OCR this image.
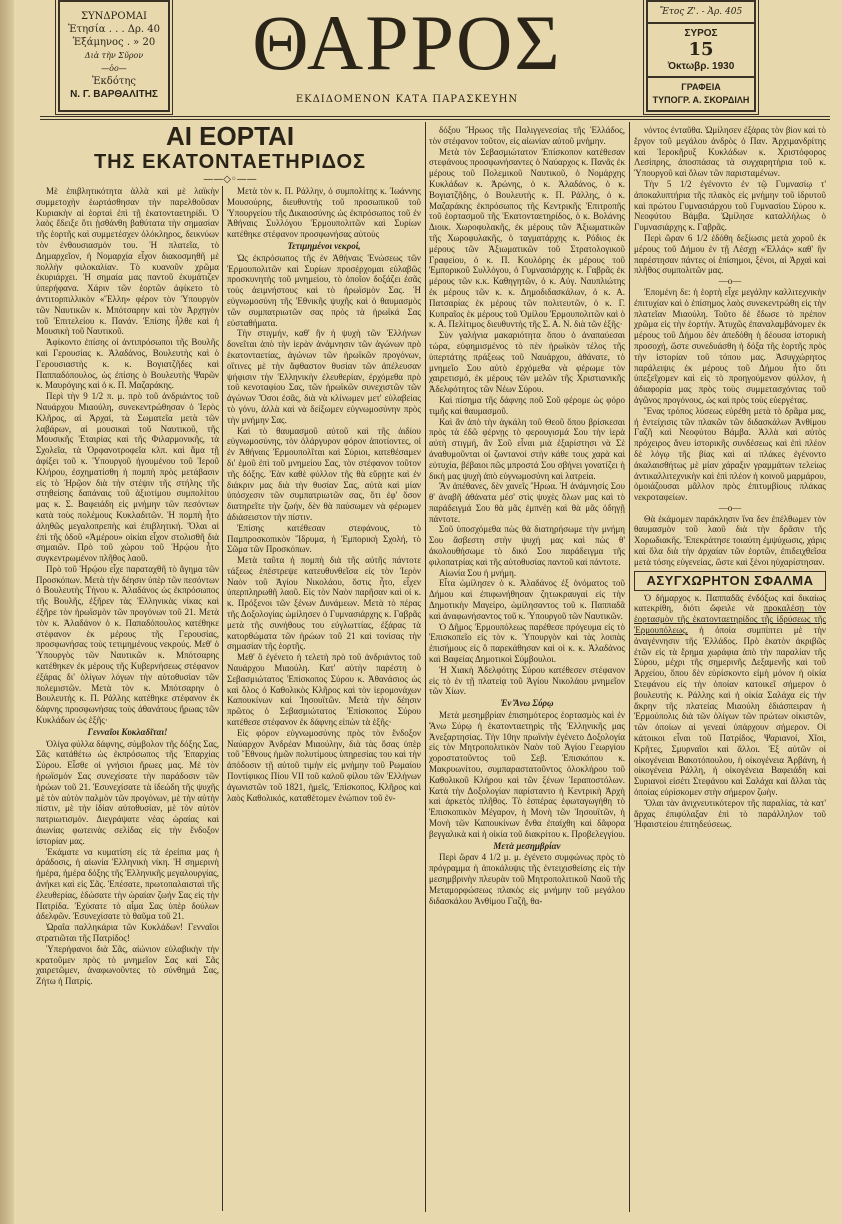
ΣΥΝΔΡΟΜΑΙ
Ἐτησία . . . Δρ. 40
Ἑξάμηνος . » 20
Διὰ τὴν Σῦρον
—ὁο—
Ἐκδότης
Ν. Γ. ΒΑΡΘΑΛΙΤΗΣ
ΘΑΡΡΟΣ
ΕΚΔΙΔΟΜΕΝΟΝ ΚΑΤΑ ΠΑΡΑΣΚΕΥΗΝ
Ἔτος Ζ'. - Ἀρ. 405
ΣΥΡΟΣ
15
Ὀκτωβρ. 1930
ΓΡΑΦΕΙΑ
ΤΥΠΟΓΡ. Α. ΣΚΟΡΔΙΛΗ
ΑΙ ΕΟΡΤΑΙ
ΤΗΣ ΕΚΑΤΟΝΤΑΕΤΗΡΙΔΟΣ
——◇◦——

Μὲ ἐπιβλητικότητα ἀλλὰ καὶ μὲ λαϊκὴν συμμετοχὴν ἑωρτάσθησαν τὴν παρελθοῦσαν Κυριακὴν αἱ ἑορταὶ ἐπὶ τῇ ἑκατονταετηρίδι. Ὁ λαὸς ἔδειξε ὅτι ᾐσθάνθη βαθύτατα τὴν σημασίαν τῆς ἑορτῆς καὶ συμμετέσχεν ὁλόκληρος, δεικνύων τὸν ἐνθουσιασμόν του. Ἡ πλατεῖα, τὸ Δημαρχεῖον, ἡ Νομαρχία εἶχον διακοσμηθῆ μὲ πολλὴν φιλοκαλίαν. Τὸ κυανοῦν χρῶμα ἐκυριάρχει. Ἡ σημαία μας παντοῦ ἐκυμάτιζεν ὑπερήφανα. Χάριν τῶν ἑορτῶν ἀφίκετο τὸ ἀντιτορπιλλικὸν «Ἕλλη» φέρον τὸν Ὑπουργὸν τῶν Ναυτικῶν κ. Μπότσαρην καὶ τὸν Ἀρχηγὸν τοῦ Ἐπιτελείου κ. Πανάν. Ἐπίσης ἦλθε καὶ ἡ Μουσικὴ τοῦ Ναυτικοῦ.

Ἀφίκοντο ἐπίσης οἱ ἀντιπρόσωποι τῆς Βουλῆς καὶ Γερουσίας κ. Ἀλαδάνος, Βουλευτὴς καὶ ὁ Γερουσιαστὴς κ. κ. Βογιατζῆδες καὶ Παππαδόπουλος, ὡς ἐπίσης ὁ Βουλευτὴς Ψαρῶν κ. Μαυρόγιης καὶ ὁ κ. Π. Μαζαράκης.

Περὶ τὴν 9 1/2 π. μ. πρὸ τοῦ ἀνδριάντος τοῦ Ναυάρχου Μιαούλη, συνεκεντρώθησαν ὁ Ἱερὸς Κλῆρος, αἱ Ἀρχαί, τὰ Σωματεῖα μετὰ τῶν λαβάρων, αἱ μουσικαὶ τοῦ Ναυτικοῦ, τῆς Μουσικῆς Ἑταιρίας καὶ τῆς Φιλαρμονικῆς, τὰ Σχολεῖα, τὰ Ὀρφανοτροφεῖα κλπ. καὶ ἅμα τῇ ἀφίξει τοῦ κ. Ὑπουργοῦ ἡγουμένου τοῦ Ἱεροῦ Κλήρου, ἐσχηματίσθη ἡ πομπὴ πρὸς μετάβασιν εἰς τὸ Ἡρῷον διὰ τὴν στέψιν τῆς στήλης τῆς στηθείσης δαπάναις τοῦ ἀξιοτίμου συμπολίτου μας κ. Σ. Βαφειάδη εἰς μνήμην τῶν πεσόντων κατὰ τοὺς πολέμους Κυκλαδιτῶν. Ἡ πομπὴ ἦτο ἀληθῶς μεγαλοπρεπὴς καὶ ἐπιβλητική. Ὅλαι αἱ ἐπὶ τῆς ὁδοῦ «Ἀμέρου» οἰκίαι εἶχον στολισθῆ διὰ σημαιῶν. Πρὸ τοῦ χώρου τοῦ Ἡρῴου ἦτο συγκεντρωμένον πλῆθος λαοῦ.

Πρὸ τοῦ Ἡρῴου εἶχε παραταχθῆ τὸ ἄγημα τῶν Προσκόπων. Μετὰ τὴν δέησιν ὑπὲρ τῶν πεσόντων ὁ Βουλευτὴς Τήνου κ. Ἀλαδάνος ὡς ἐκπρόσωπος τῆς Βουλῆς, ἐξῆρεν τὰς Ἑλληνικὰς νίκας καὶ ἐξῆρε τὸν ἡρωϊσμὸν τῶν προγόνων τοῦ 21. Μετὰ τὸν κ. Ἀλαδάνον ὁ κ. Παπαδόπουλος κατέθηκε στέφανον ἐκ μέρους τῆς Γερουσίας, προσφωνήσας τοὺς τετιμημένους νεκρούς. Μεθ' ὁ Ὑπουργὸς τῶν Ναυτικῶν κ. Μπότσαρης κατέθηκεν ἐκ μέρους τῆς Κυβερνήσεως στέφανον ἐξάρας δι' ὀλίγων λόγων τὴν αὐτοθυσίαν τῶν πολεμιστῶν. Μετὰ τὸν κ. Μπότσαρην ὁ Βουλευτὴς κ. Π. Ράλλης κατέθηκε στέφανον ἐκ δάφνης προσφωνήσας τοὺς ἀθανάτους ἥρωας τῶν Κυκλάδων ὡς ἑξῆς·

Γενναῖοι Κυκλαδῖται!

Ὀλίγα φύλλα δάφνης, σύμβολον τῆς δόξης Σας, Σᾶς κατάθέτω ὡς ἐκπρόσωπος τῆς Ἐπαρχίας Σύρου. Εἶσθε οἱ γνήσιοι ἥρωες μας. Μὲ τὸν ἡρωϊσμόν Σας συνεχίσατε τὴν παράδοσιν τῶν ἡρώων τοῦ 21. Ἐσυνεχίσατε τὰ ἰδεώδη τῆς ψυχῆς μὲ τὸν αὐτὸν παλμὸν τῶν προγόνων, μὲ τὴν αὐτὴν πίστιν, μὲ τὴν ἰδίαν αὐτοθυσίαν, μὲ τὸν αὐτὸν πατριωτισμόν. Διεγράψατε νέας ὡραίας καὶ ἀιωνίας φωτεινὰς σελίδας εἰς τὴν ἔνδοξον ἱστορίαν μας.

Ἐκάματε να κυματίση εἰς τὰ ἐρείπια μας ἡ ἀράδοσις, ἡ αἰωνία Ἑλληνικὴ νίκη. Ἡ σημερινὴ ἡμέρα, ἡμέρα δόξης τῆς Ἑλληνικῆς μεγαλουργίας, ἀνήκει καὶ εἰς Σᾶς. Ἐπέσατε, πρωτοπαλαισταὶ τῆς ἐλευθερίας, ἐδώσατε τὴν ὡραίαν ζωήν Σας εἰς τὴν Πατρίδα. Ἐχύσατε τὸ αἷμα Σας ὑπὲρ δούλων ἀδελφῶν. Ἐσυνεχίσατε τὸ θαῦμα τοῦ 21.

Ὡραῖα παλληκάρια τῶν Κυκλάδων! Γενναῖοι στρατιῶται τῆς Πατρίδος!

Ὑπερήφανοι διὰ Σᾶς, αἰώνιον εὐλαβικὴν τὴν κρατοῦμεν πρὸς τὸ μνημεῖον Σας καὶ Σᾶς χαιρετῶμεν, ἀναφωνοῦντες τὸ σύνθημά Σας, Ζήτω ἡ Πατρίς.

Μετὰ τὸν κ. Π. Ράλλην, ὁ συμπολίτης κ. Ἰωάννης Μουσούρης, διευθυντὴς τοῦ προσωπικοῦ τοῦ Ὑπουργείου τῆς Δικαιοσύνης ὡς ἐκπρόσωπος τοῦ ἐν Ἀθήναις Συλλόγου Ἑρμουπολιτῶν καὶ Συρίων κατέθηκε στέφανον προσφωνήσας αὐτοὺς

Τετιμημένοι νεκροί,

Ὡς ἐκπρόσωπος τῆς ἐν Ἀθήναις Ἑνώσεως τῶν Ἑρμουπολιτῶν καὶ Συρίων προσέρχομαι εὐλαβῶς προσκυνητὴς τοῦ μνημείου, τὸ ὁποῖον δοξάζει ἐσᾶς τοὺς ἀειμνήστους καὶ τὸ ἡρωϊσμὸν Σας. Ἡ εὐγνωμοσύνη τῆς Ἐθνικῆς ψυχῆς καὶ ὁ θαυμασμὸς τῶν συμπατριωτῶν σας πρὸς τὰ ἡρωϊκά Σας εὐσταθήματα.

Τὴν στιγμήν, καθ' ἣν ἡ ψυχὴ τῶν Ἑλλήνων δονεῖται ἀπὸ τὴν ἱερὰν ἀνάμνησιν τῶν ἀγώνων πρὸ ἑκατονταετίας, ἀγώνων τῶν ἡρωϊκῶν προγόνων, οἵτινες μὲ τὴν ἄφθαστον θυσίαν τῶν ἀπέλευσαν ψήφισιν τὴν Ἑλληνικὴν ἐλευθερίαν, ἐρχόμεθα πρὸ τοῦ κενοταφίου Σας, τῶν ἡρωϊκῶν συνεχιστῶν τῶν ἀγώνων Ὅσοι ἐσᾶς, διὰ νὰ κλίνωμεν μετ' εὐλαβείας τὸ γόνυ, ἀλλὰ καὶ νὰ δείξωμεν εὐγνωμοσύνην πρὸς τὴν μνήμην Σας.

Καὶ τὸ θαυμασμοῦ αὐτοῦ καὶ τῆς ἀιδίου εὐγνωμοσύνης, τὸν ὁλάργυρον φόρον ἀποτίοντες, οἱ ἐν Ἀθήναις Ἑρμουπολῖται καὶ Σύριοι, κατεθέσαμεν δι' ἐμοῦ ἐπὶ τοῦ μνημείου Σας, τὸν στέφανον τοῦτον τῆς δόξης. Ἐὰν καθὲ φύλλον τῆς θὰ εὕρῃτε καὶ ἐν διάκριν μας διὰ τὴν θυσίαν Σας, αὐτὰ καὶ μίαν ὑπόσχεσιν τῶν συμπατριωτῶν σας, ὅτι ἐφ' ὅσον διατηρεῖτε τὴν ζωήν, δὲν θὰ παύσωμεν νὰ φέρωμεν ἀδιάσειστον τὴν πίστιν.

Ἐπίσης κατέθεσαν στεφάνους, τὸ Παμπροσκοπικὸν Ἵδρυμα, ἡ Ἐμπορικὴ Σχολή, τὸ Σῶμα τῶν Προσκόπων.

Μετὰ ταῦτα ἡ πομπὴ διὰ τῆς αὐτῆς πάντοτε τάξεως ἐπέστρεψε κατευθυνθεῖσα εἰς τὸν Ἱερὸν Ναὸν τοῦ Ἁγίου Νικολάου, ὅστις ἦτο, εἶχεν ὑπερπληρωθῆ λαοῦ. Εἰς τὸν Ναὸν παρῆσαν καὶ οἱ κ. κ. Πρόξενοι τῶν ξένων Δυνάμεων. Μετὰ τὸ πέρας τῆς Δοξολογίας ὡμίλησεν ὁ Γυμνασιάρχης κ. Γαβρᾶς μετὰ τῆς συνήθους του εὐγλωττίας, ἐξάρας τὰ κατορθώματα τῶν ἡρώων τοῦ 21 καὶ τονίσας τὴν σημασίαν τῆς ἑορτῆς.

Μεθ' ὃ ἐγένετο ἡ τελετὴ πρὸ τοῦ ἀνδριάντος τοῦ Ναυάρχου Μιαούλη. Κατ' αὐτὴν παρέστη ὁ Σεβασμιώτατος Ἐπίσκοπος Σύρου κ. Ἀθανάσιος ὡς καὶ ὅλος ὁ Καθολικὸς Κλῆρος καὶ τὸν ἱερομονάχων Καπουκίνων καὶ Ἰησουϊτῶν. Μετὰ τὴν δέησιν πρῶτος ὁ Σεβασμιώτατος Ἐπίσκοπος Σύρου κατέθεσε στέφανον ἐκ δάφνης εἰπὼν τὰ ἑξῆς·

Εἰς φόρον εὐγνωμοσύνης πρὸς τὸν ἔνδοξον Ναύαρχον Ἀνδρέαν Μιαούλην, διὰ τὰς ὅσας ὑπὲρ τοῦ Ἔθνους ἡμῶν πολυτίμους ὑπηρεσίας του καὶ τὴν ἀπόδοσιν τῇ αὐτοῦ τιμὴν εἰς μνήμην τοῦ Ρωμαίου Ποντίφικος Πίου VII τοῦ καλοῦ φίλου τῶν Ἑλλήνων ἀγωνιστῶν τοῦ 1821, ἡμεῖς, Ἐπίσκοπος, Κλῆρος καὶ λαὸς Καθολικός, καταθέτομεν ἐνώπιον τοῦ ἐν-

δόξου Ἥρωος τῆς Παλιγγενεσίας τῆς Ἑλλάδος, τὸν στέφανον τοῦτον, εἰς αἰωνίαν αὐτοῦ μνήμην.

Μετὰ τὸν Σεβασμιώτατον Ἐπίσκοπον κατέθεσαν στεφάνους προσφωνήσαντες ὁ Ναύαρχος κ. Πανᾶς ἐκ μέρους τοῦ Πολεμικοῦ Ναυτικοῦ, ὁ Νομάρχης Κυκλάδων κ. Ἀρώνης, ὁ κ. Ἀλαδάνος, ὁ κ. Βογιατζῆδης, ὁ Βουλευτὴς κ. Π. Ράλλης, ὁ κ. Μαζαράκης ἐκπρόσωπος τῆς Κεντρικῆς Ἐπιτροπῆς τοῦ ἑορτασμοῦ τῆς Ἑκατονταετηρίδος, ὁ κ. Βολάνης Διοικ. Χωροφυλακῆς, ἐκ μέρους τῶν Ἀξιωματικῶν τῆς Χωροφυλακῆς, ὁ ταγματάρχης κ. Ρόδιος ἐκ μέρους τῶν Ἀξιωματικῶν τοῦ Στρατολογικοῦ Γραφείου, ὁ κ. Π. Κουλόρης ἐκ μέρους τοῦ Ἐμπορικοῦ Συλλόγου, ὁ Γυμνασιάρχης κ. Γαβρᾶς ἐκ μέρους τῶν κ.κ. Καθηγητῶν, ὁ κ. Αὐγ. Ναυπλιώτης ἐκ μέρους τῶν κ. κ. Δημοδιδασκάλων, ὁ κ. Α. Πατσαρίας ἐκ μέρους τῶν πολιτευτῶν, ὁ κ. Γ. Κυπραῖος ἐκ μέρους τοῦ Ὁμίλου Ἑρμουπολιτῶν καὶ ὁ κ. Α. Πελίτιμος διευθυντὴς τῆς Σ. Α. Ν. διὰ τῶν ἑξῆς·

Σὺν γαλήνια μακαριότητα ὅπου ὁ ἀναπαύεσαι τώρα, εὐφημισμένος τὸ πὲν ἡρωϊκὸν τέλος τῆς ὑπερτάτης πράξεως τοῦ Ναυάρχου, ἀθάνατε, τὸ μνημεῖο Σου αὐτὸ ἐρχόμεθα νὰ φέρωμε τὸν χαιρετισμό, ἐκ μέρους τῶν μελῶν τῆς Χριστιανικῆς Ἀδελφότητος τῶν Νέων Σύρου.

Καὶ πίσημα τῆς δάφνης ποῦ Σοῦ φέρομε ὡς φόρο τιμῆς καὶ θαυμασμοῦ.

Καὶ ἂν ἀπὸ τὴν ἀγκάλη τοῦ Θεοῦ ὅπου βρίσκεσαι πρὸς τὰ ἐδῶ φέρνῃς τὸ φερουγισμά Σου τὴν ἱερὰ αὐτὴ στιγμή, ἂν Σοῦ εἶναι μιὰ ἐξαρίστησι νὰ Σὲ ἀναθυμοῦνται οἱ ζωντανοί στὴν κάθε τους χαρὰ καὶ εὐτυχία, βέβαιοι πῶς μπροστά Σου σβήνει γονατίζει ἡ δική μας ψυχὴ ἀπὸ εὐγνωμοσύνη καὶ λατρεία.

Ἂν ἀπέθανες, δὲν χανεῖς Ἥρωα. Ἡ ἀνάμνησίς Σου θ' ἀναβῆ ἀθάνατα μέσ' στὶς ψυχὲς ὅλων μας καὶ τὸ παράδειγμά Σου θὰ μᾶς ἐμπνέῃ καὶ θὰ μᾶς ὁδηγῇ πάντοτε.

Σοῦ ὑποσχόμεθα πὼς θὰ διατηρήσωμε τὴν μνήμη Σου ἄσβεστη στὴν ψυχή μας καὶ πὼς θ' ἀκολουθήσωμε τὸ δικό Σου παράδειγμα τῆς φιλοπατρίας καὶ τῆς αὐτοθυσίας παντοῦ καὶ πάντοτε.

Αἰωνία Σου ἡ μνήμη.

Εἶτα ὡμίλησεν ὁ κ. Ἀλαδάνος ἐξ ὀνόματος τοῦ Δήμου καὶ ἐπιφωνήθησαν ζητωκραυγαὶ εἰς τὴν Δημοτικὴν Μαγείρο, ὡμίλησαντος τοῦ κ. Παππαδᾶ καὶ ἀναφωνήσαντος τοῦ κ. Ὑπουργοῦ τῶν Ναυτικῶν.

Ὁ Δῆμος Ἑρμουπόλεως παρέθεσε πρόγευμα εἰς τὸ Ἐπισκοπεῖο εἰς τὸν κ. Ὑπουργὸν καὶ τὰς λοιπὰς ἐπισήμους εἰς ὃ παρεκάθησαν καὶ οἱ κ. κ. Ἀλαδάνος καὶ Βαφείας Δημοτικοὶ Σύμβουλοι.

Ἡ Χιακὴ Ἀδελφότης Σύρου κατέθεσεν στέφανον εἰς τὸ ἐν τῇ πλατείᾳ τοῦ Ἁγίου Νικολάου μνημεῖον τῶν Χίων.

Ἐν Ἄνω Σύρῳ

Μετὰ μεσημβρίαν ἐπισημότερος ἑορτασμὸς καὶ ἐν Ἄνω Σύρῳ ἡ ἑκατονταετηρὶς τῆς Ἑλληνικῆς μας Ἀνεξαρτησίας. Τὴν 10ην πρωϊνὴν ἐγένετο Δοξολογία εἰς τὸν Μητροπολιτικὸν Ναὸν τοῦ Ἁγίου Γεωργίου χοροστατοῦντος τοῦ Σεβ. Ἐπισκόπου κ. Μακρυωνίτου, συμπαραστατοῦντος ὁλοκλήρου τοῦ Καθολικοῦ Κλήρου καὶ τῶν ξένων Ἱεραποστόλων. Κατὰ τὴν Δοξολογίαν παρίσταντο ἡ Κεντρικὴ Ἀρχὴ καὶ ἀρκετὸς πλῆθος. Τὸ ἑσπέρας ἐφωταγωγήθη τὸ Ἐπισκοπικὸν Μέγαρον, ἡ Μονὴ τῶν Ἰησουϊτῶν, ἡ Μονὴ τῶν Καπουκίνων ἔνθα ἐπαίχθη καὶ δᾶφορα βεγγαλικὰ καὶ ἡ οἰκία τοῦ διακρίτου κ. Προβελεγγίου.

Μετὰ μεσημβρίαν

Περὶ ὥραν 4 1/2 μ. μ. ἐγένετο συμφώνως πρὸς τὸ πρόγραμμα ἡ ἀποκάλυψις τῆς ἐντειχισθείσης εἰς τὴν μεσημβρινὴν πλευρὰν τοῦ Μητροπολιτικοῦ Ναοῦ τῆς Μεταμορφώσεως πλακὸς εἰς μνήμην τοῦ μεγάλου διδασκάλου Ἀνθίμου Γαζῆ, θα-

νόντος ἐνταῦθα. Ὡμίλησεν ἐξάρας τὸν βίον καὶ τὸ ἔργον τοῦ μεγάλου ἀνδρὸς ὁ Παν. Ἀρχιμανδρίτης καὶ Ἱεροκῆρυξ Κυκλάδων κ. Χριστόφορος Λεσίπρης, ἀποσπάσας τὰ συγχαρητήρια τοῦ κ. Ὑπουργοῦ καὶ ὅλων τῶν παρισταμένων.

Τὴν 5 1/2 ἐγένοντο ἐν τῷ Γυμνασίῳ τ' ἀποκαλυπτήρια τῆς πλακὸς εἰς μνήμην τοῦ ἱδρυτοῦ καὶ πρώτου Γυμνασιάρχου τοῦ Γυμνασίου Σύρου κ. Νεοφύτου Βάμβα. Ὡμίλησε καταλλήλως ὁ Γυμνασιάρχης κ. Γαβρᾶς.

Περὶ ὥραν 6 1/2 ἐδόθη δεξίωσις μετὰ χοροῦ ἐκ μέρους τοῦ Δήμου ἐν τῇ Λέσχῃ «Ἑλλάς» καθ' ἣν παρέστησαν πάντες οἱ ἐπίσημοι, ξένοι, αἱ Ἀρχαὶ καὶ πλῆθος συμπολιτῶν μας.

—ο—

Ἐπομένη δε: ἡ ἑορτὴ εἶχε μεγάλην καλλιτεχνικὴν ἐπιτυχίαν καὶ ὁ ἐπίσημος λαὸς συνεκεντρώθη εἰς τὴν πλατεῖαν Μιαούλη. Τοῦτο δὲ ἔδωσε τὸ πρέπον χρῶμα εἰς τὴν ἑορτήν. Ἀτυχῶς ἐπαναλαμβάνομεν ἐκ μέρους τοῦ Δήμου δὲν ἀπεδόθη ἡ δέουσα ἱστορικὴ προσοχή, ὥστε συνεδυάσθη ἡ δόξα τῆς ἑορτῆς πρὸς τὴν ἱστορίαν τοῦ τόπου μας. Ἀσυγχώρητος παράλειψις ἐκ μέρους τοῦ Δήμου ἦτο ὅτι ὑπεξεῖχομεν καὶ εἰς τὸ προηγούμενον φύλλον, ἡ ἀδιαφορία μας πρὸς τοὺς συμμετασχόντας τοῦ ἀγῶνος προγόνους, ὡς καὶ πρὸς τοὺς εὐεργέτας.

Ἕνας τρόπος λύσεως εὑρέθη μετὰ τὸ δρᾶμα μας, ἡ ἐντείχισις τῶν πλακῶν τῶν διδασκάλων Ἀνθίμου Γαζῆ καὶ Νεοφύτου Βάμβα. Ἀλλὰ καὶ αὐτὸς πρόχειρος ἄνευ ἱστορικῆς συνδέσεως καὶ ἐπὶ πλέον δὲ λόγῳ τῆς βίας καὶ αἱ πλάκες ἐγένοντο ἀκαλαισθήτως μὲ μίαν χάραξιν γραμμάτων τελείως ἀντικαλλιτεχνικὴν καὶ ἐπὶ πλέον ἡ κοινοῦ μαρμάρου, ὁμοιάζουσαι μᾶλλον πρὸς ἐπιτυμβίους πλάκας νεκροταφείων.

—ο—

Θὰ ἐκάμομεν παράκλησιν ἵνα δεν ἐπέλθωμεν τὸν θαυμασμὸν τοῦ λαοῦ διὰ τὴν δρᾶσιν τῆς Χορωδιακῆς. Ἐπεκράτησε τοιαύτη ἐμψύχωσις, χάρις καὶ ὅλα διὰ τὴν ἀρχαίαν τῶν ἑορτῶν, ἐπιδειχθεῖσα μετὰ τόσης εὐγενείας, ὥστε καὶ ξένοι ηὐχαρίστησαν.

ΑΣΥΓΧΩΡΗΤΟΝ ΣΦΑΛΜΑ

Ὁ δήμαρχος κ. Παππαδᾶς ἐνδόξως καὶ δικαίως κατεκρίθη, διότι ὤφειλε νὰ προκαλέσῃ τὸν ἑορτασμὸν τῆς ἑκατονταετηρίδος τῆς ἱδρύσεως τῆς Ἑρμουπόλεως, ἡ ὁποία συμπίπτει μὲ τὴν ἀναγέννησιν τῆς Ἑλλάδος. Πρὸ ἑκατὸν ἀκριβῶς ἐτῶν εἰς τὰ ἔρημα χωράφια ἀπὸ τὴν παραλίαν τῆς Σύρου, μέχρι τῆς σημερινῆς Δεξαμενῆς καὶ τοῦ Ἀρχείου, ὅπου δὲν εὑρίσκοντο εἰμὴ μόνον ἡ οἰκία Στεφάνου εἰς τὴν ὁποίαν κατοικεῖ σήμερον ὁ βουλευτὴς κ. Ράλλης καὶ ἡ οἰκία Σαλάχα εἰς τὴν ἄκρην τῆς πλατείας Μιαούλη ἐδιάσπειραν ἡ Ἑρμούπολις διὰ τῶν ὁλίγων τῶν πρώτων οἰκιστῶν, τῶν ὁποίων αἱ γενεαὶ ὑπάρχουν σήμερον. Οἱ κάτοικοι εἶναι τοῦ Πατρίδος, Ψαριανοί, Χῖοι, Κρῆτες, Σμυρναῖοι καὶ ἄλλοι. Ἐξ αὐτῶν οἱ οἰκογένειαι Βακοτόπουλου, ἡ οἰκογένεια Ἀρβάνη, ἡ οἰκογένεια Ράλλη, ἡ οἰκογένεια Βαφειάδη καὶ Συριανοὶ εἰσέτι Στεφάνου καὶ Σαλάχα καὶ ἄλλαι τὰς ὁποίας εὑρίσκομεν στὴν σήμερον ζωὴν.

Ὅλαι τὰν ἀνιχνευτικότερον τῆς παραλίας, τὰ κατ' ἄρχας ἐπιφύλαξαν ἐπὶ τὸ παράλληλον τοῦ Ἡφαιστείου ἐπιτηδεύσεως.
